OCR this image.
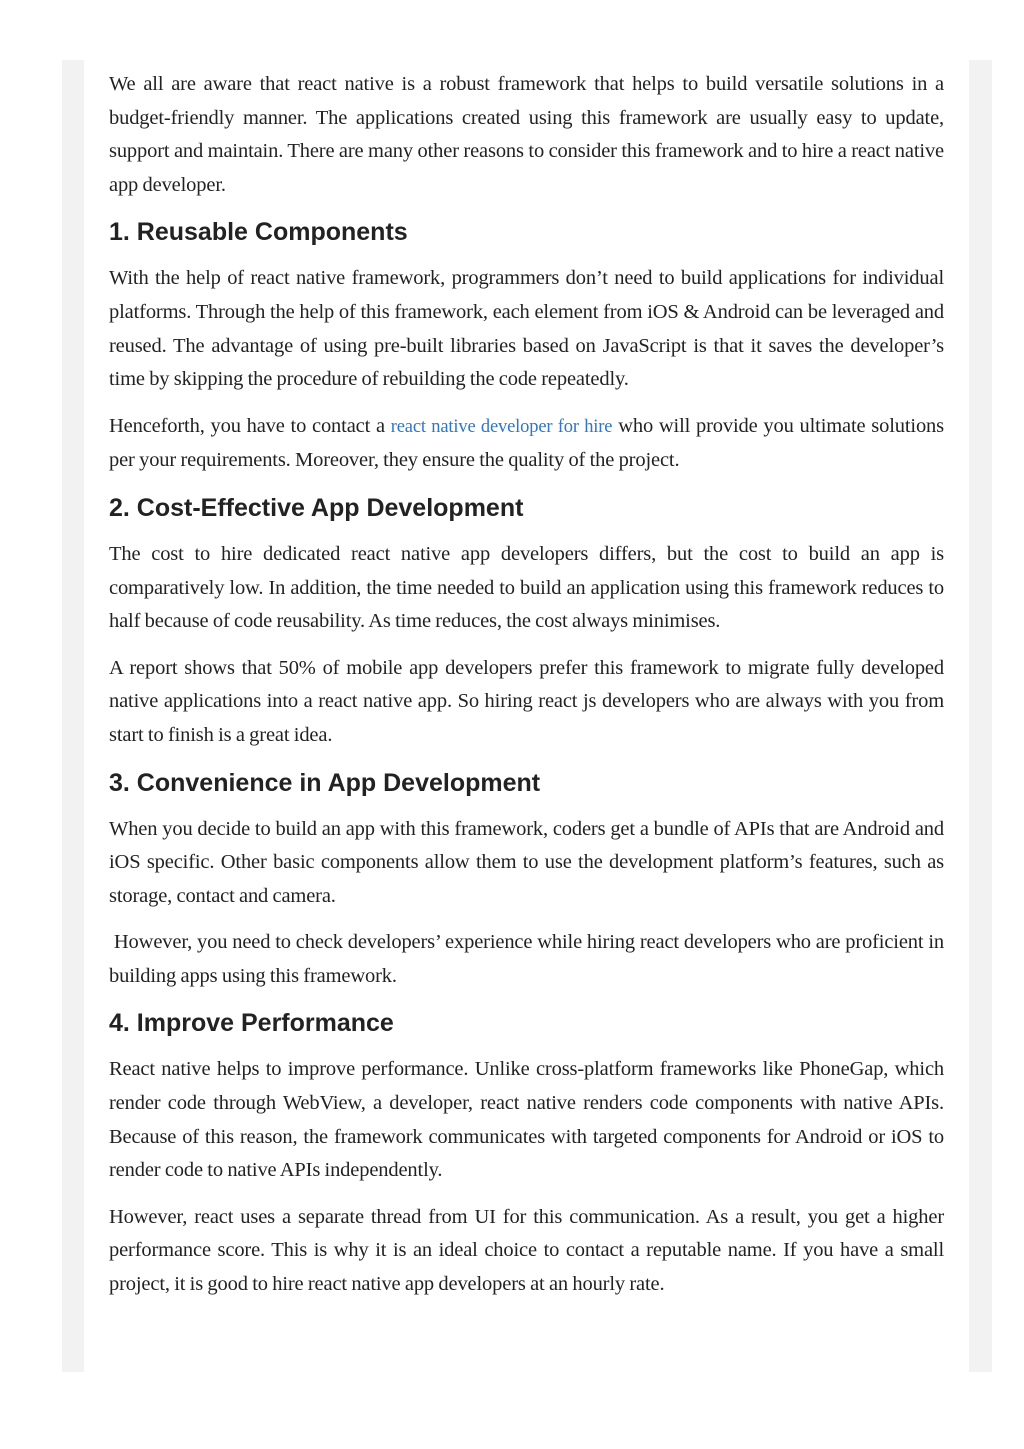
We all are aware that react native is a robust framework that helps to build versatile solutions in a budget-friendly manner. The applications created using this framework are usually easy to update, support and maintain. There are many other reasons to consider this framework and to hire a react native app developer.

1. Reusable Components

With the help of react native framework, programmers don’t need to build applications for individual platforms. Through the help of this framework, each element from iOS & Android can be leveraged and reused. The advantage of using pre-built libraries based on JavaScript is that it saves the developer’s time by skipping the procedure of rebuilding the code repeatedly.

Henceforth, you have to contact a react native developer for hire who will provide you ultimate solutions per your requirements. Moreover, they ensure the quality of the project.

2. Cost-Effective App Development

The cost to hire dedicated react native app developers differs, but the cost to build an app is comparatively low. In addition, the time needed to build an application using this framework reduces to half because of code reusability. As time reduces, the cost always minimises.

A report shows that 50% of mobile app developers prefer this framework to migrate fully developed native applications into a react native app. So hiring react js developers who are always with you from start to finish is a great idea.

3. Convenience in App Development

When you decide to build an app with this framework, coders get a bundle of APIs that are Android and iOS specific. Other basic components allow them to use the development platform’s features, such as storage, contact and camera.

However, you need to check developers’ experience while hiring react developers who are proficient in building apps using this framework.

4. Improve Performance

React native helps to improve performance. Unlike cross-platform frameworks like PhoneGap, which render code through WebView, a developer, react native renders code components with native APIs. Because of this reason, the framework communicates with targeted components for Android or iOS to render code to native APIs independently.

However, react uses a separate thread from UI for this communication. As a result, you get a higher performance score. This is why it is an ideal choice to contact a reputable name. If you have a small project, it is good to hire react native app developers at an hourly rate.
